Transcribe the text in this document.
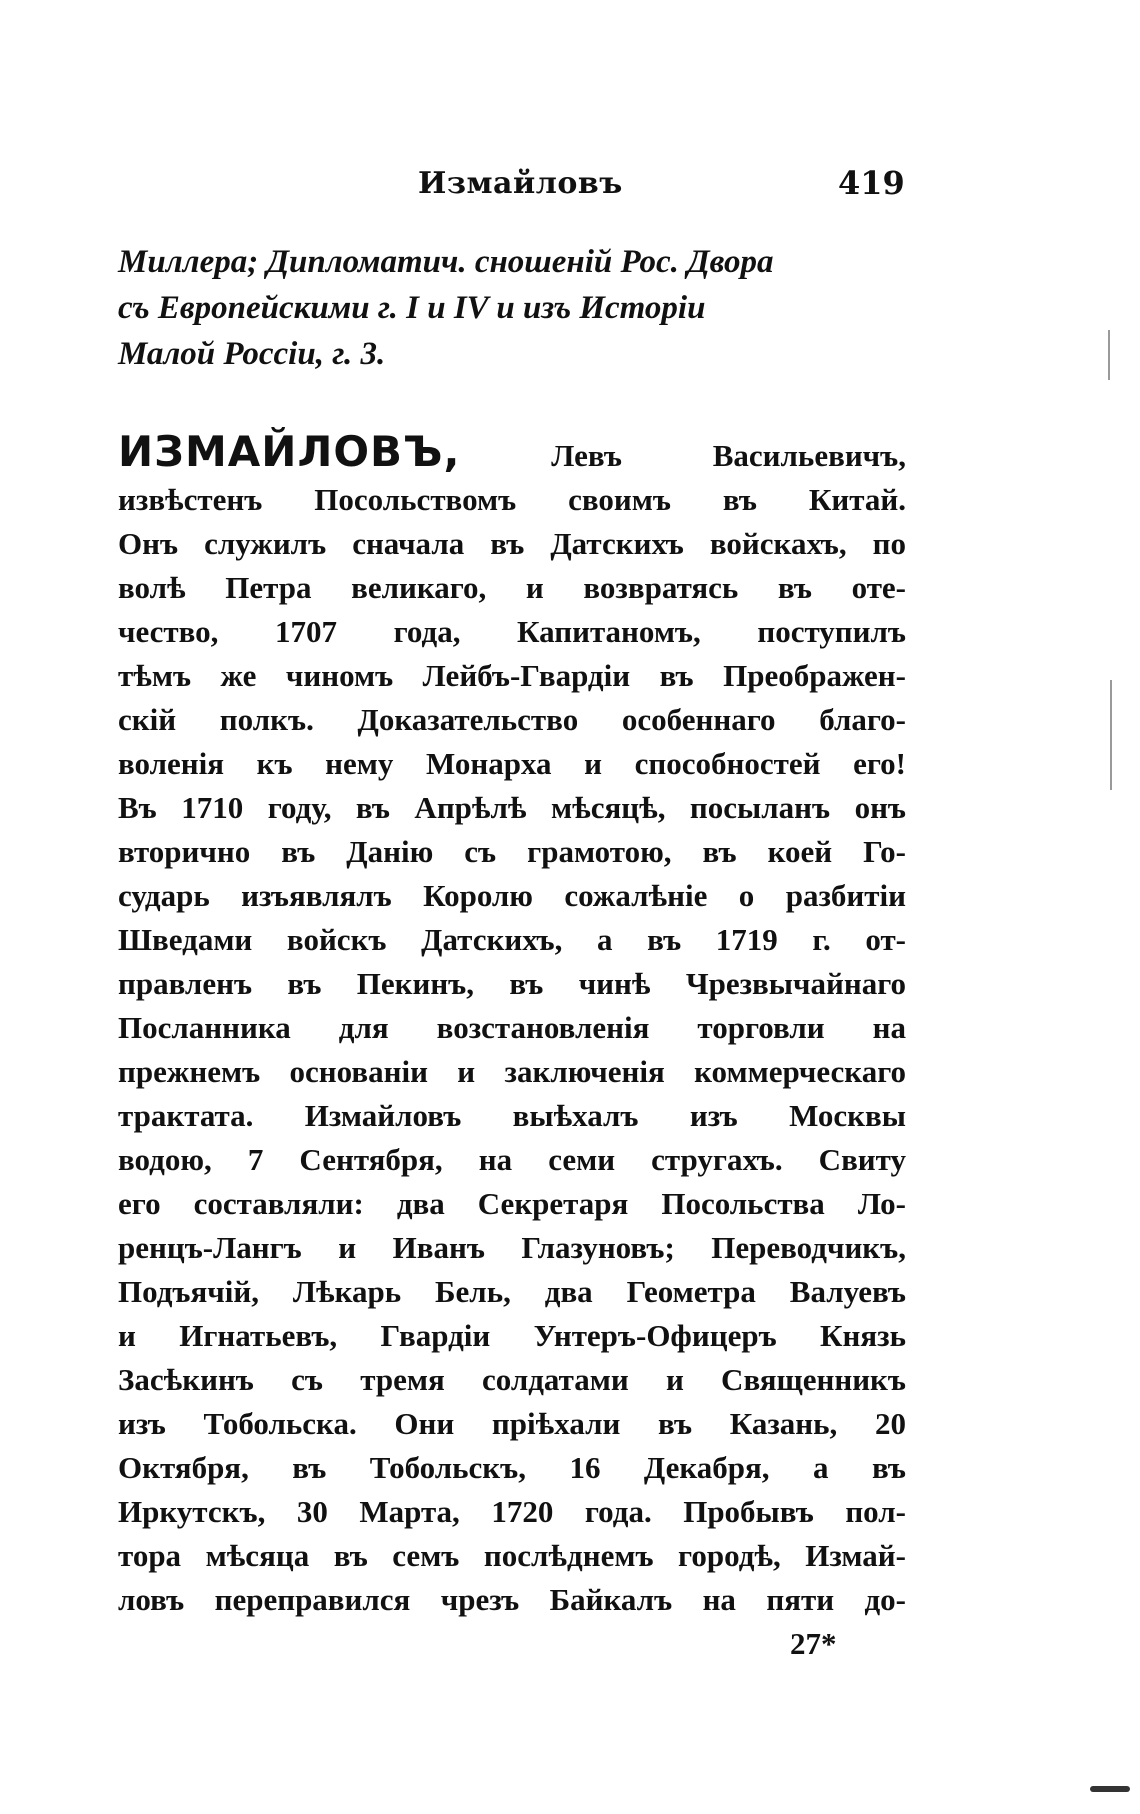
Измайловъ	419
Миллера; Дипломатич. сношеній Рос. Двора
съ Европейскими г. I и IV и изъ Исторіи
Малой Россіи, г. 3.
ИЗМАЙЛОВЪ,	Левъ Васильевичъ,
извѣстенъ Посольствомъ своимъ въ Китай.
Онъ служилъ сначала въ Датскихъ войскахъ, по
волѣ Петра великаго, и возвратясь въ оте-
чество, 1707 года, Капитаномъ, поступилъ
тѣмъ же чиномъ Лейбъ-Гвардіи въ Преображен-
скій полкъ. Доказательство особеннаго благо-
воленія къ нему Монарха и способностей его!
Въ 1710 году, въ Апрѣлѣ мѣсяцѣ, посыланъ онъ
вторично въ Данію съ грамотою, въ коей Го-
сударь изъявлялъ Королю сожалѣніе о разбитіи
Шведами войскъ Датскихъ, а въ 1719 г. от-
правленъ въ Пекинъ, въ чинѣ Чрезвычайнаго
Посланника для возстановленія торговли на
прежнемъ основаніи и заключенія коммерческаго
трактата. Измайловъ выѣхалъ изъ Москвы
водою, 7 Сентября, на семи стругахъ. Свиту
его составляли: два Секретаря Посольства Ло-
ренцъ-Лангъ и Иванъ Глазуновъ; Переводчикъ,
Подъячій, Лѣкарь Бель, два Геометра Валуевъ
и Игнатьевъ, Гвардіи Унтеръ-Офицеръ Князь
Засѣкинъ съ тремя солдатами и Священникъ
изъ Тобольска. Они пріѣхали въ Казань, 20
Октября, въ Тобольскъ, 16 Декабря, а въ
Иркутскъ, 30 Марта, 1720 года. Пробывъ пол-
тора мѣсяца въ семъ послѣднемъ городѣ, Измай-
ловъ переправился чрезъ Байкалъ на пяти до-
27*
